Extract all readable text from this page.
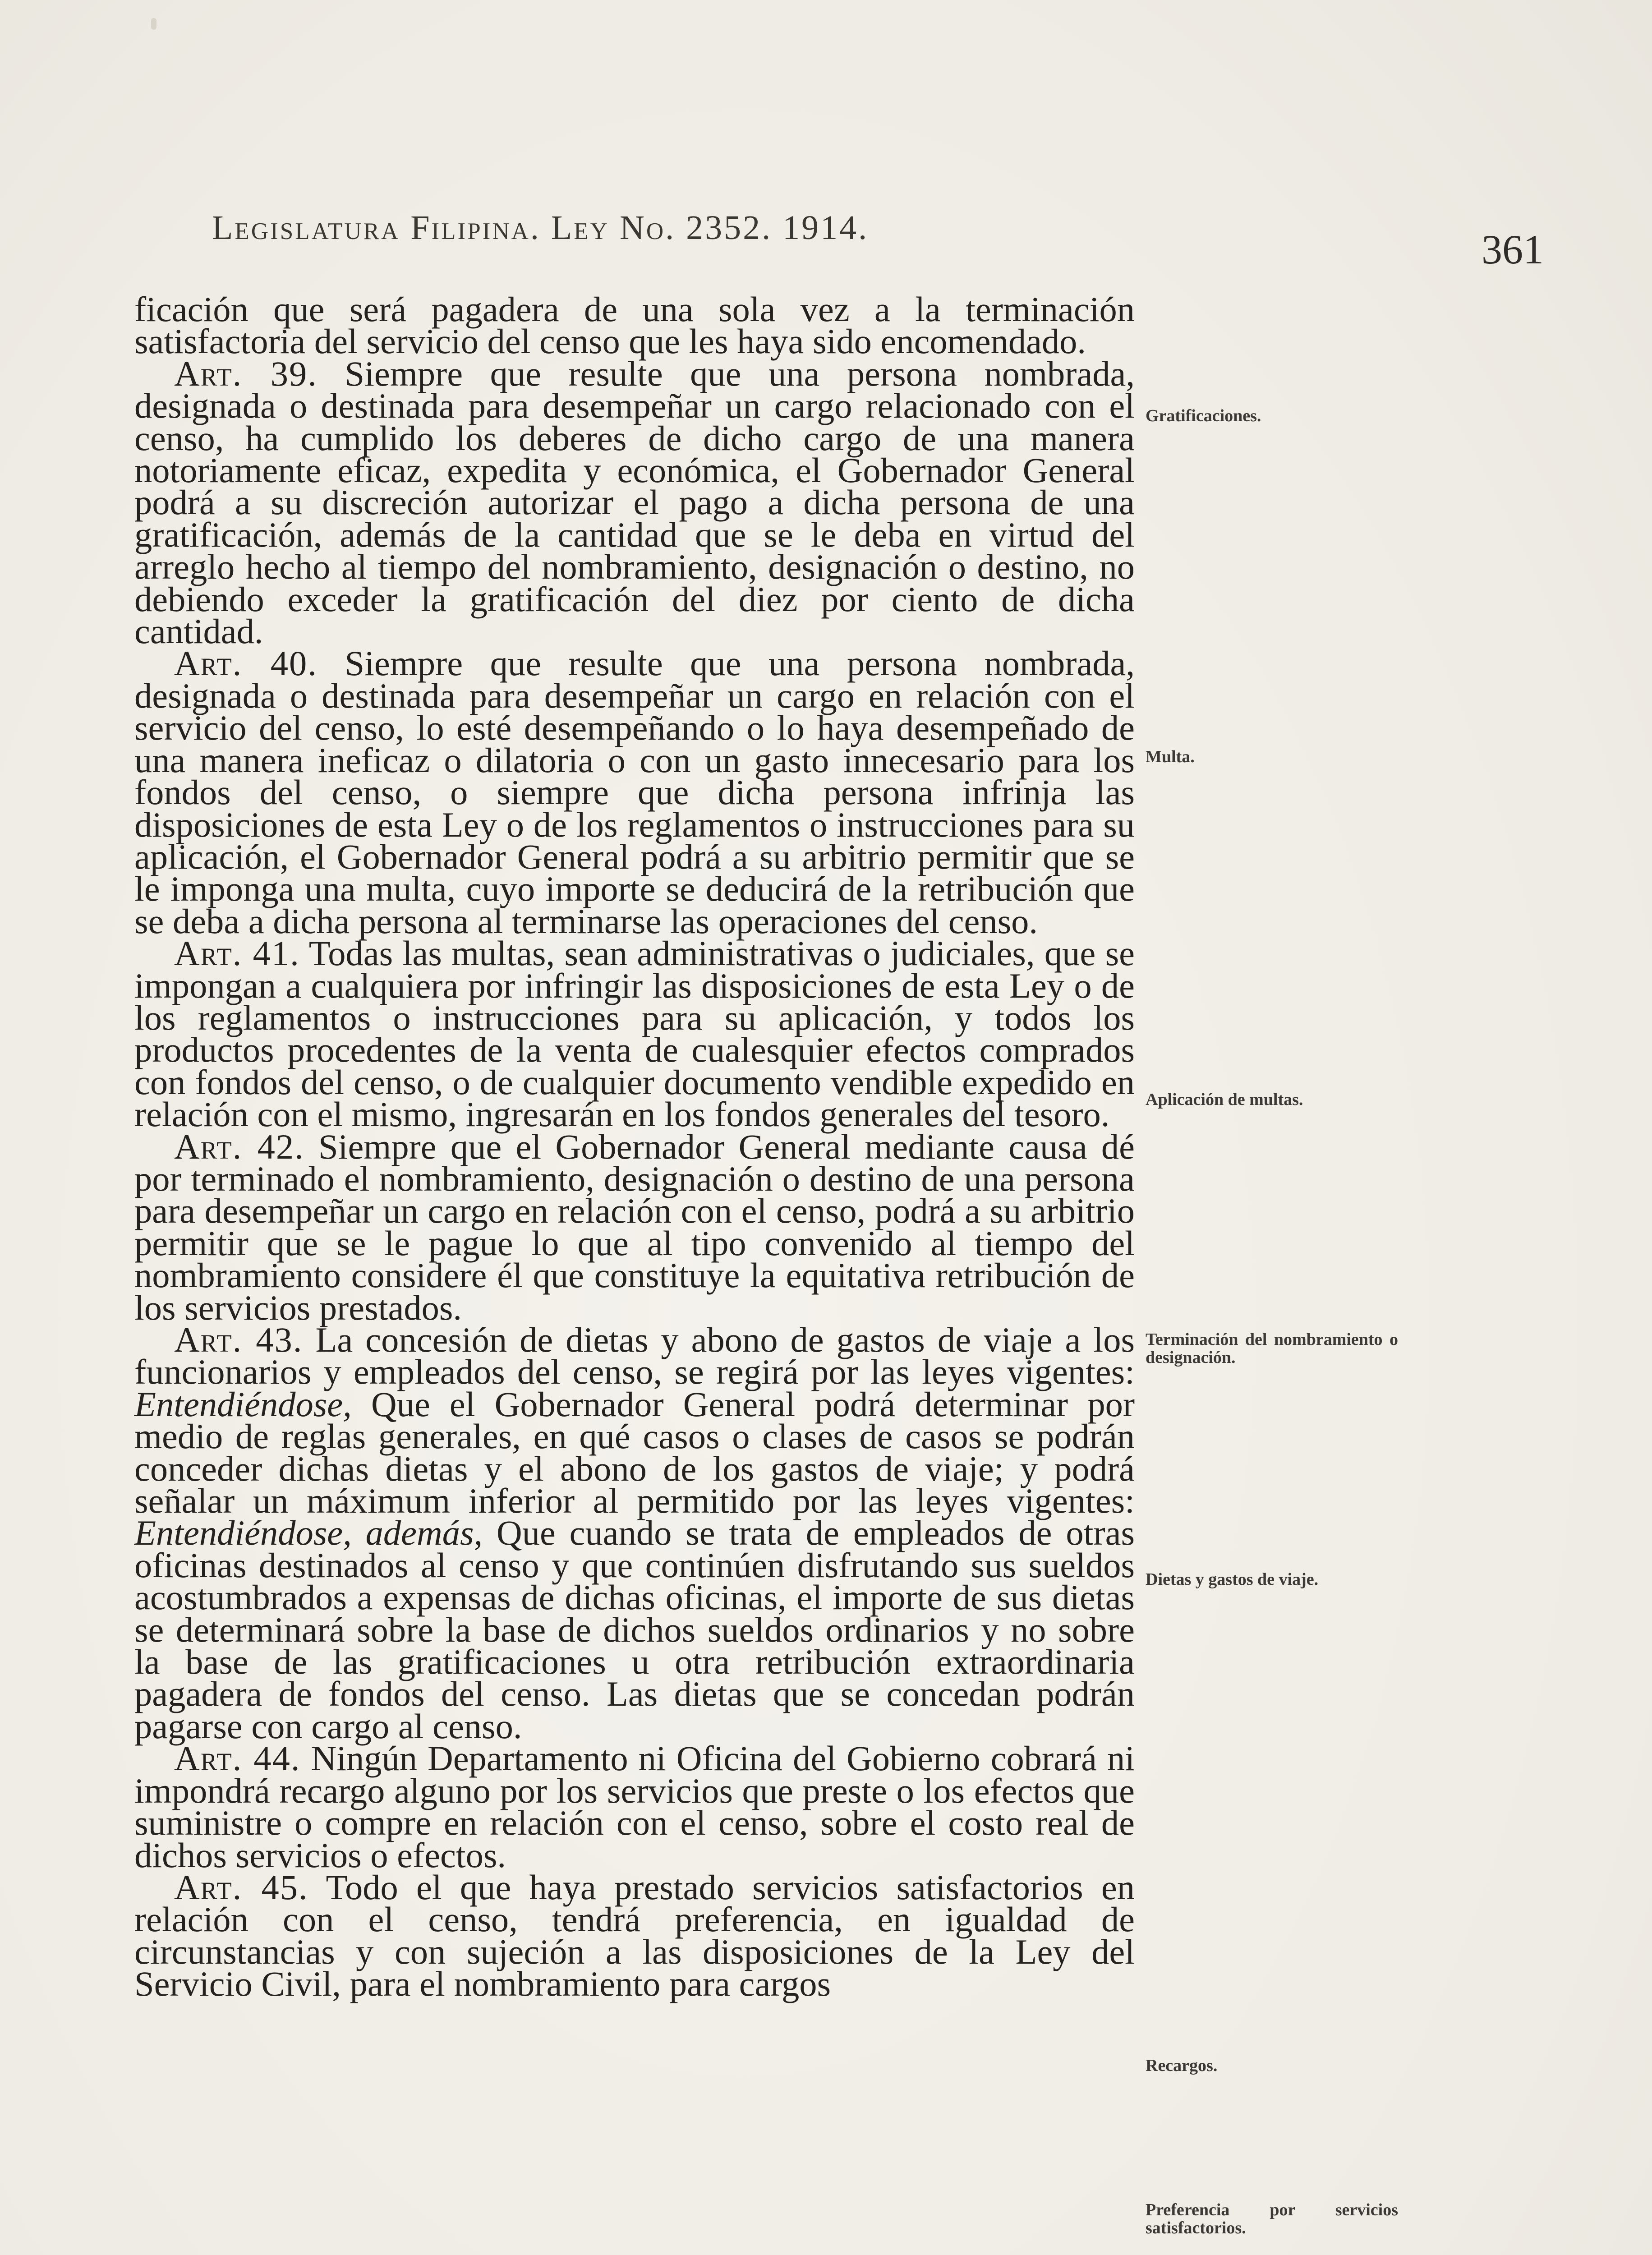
Legislatura Filipina. Ley No. 2352. 1914.	361

ficación que será pagadera de una sola vez a la terminación satisfactoria del servicio del censo que les haya sido encomendado.

Art. 39. Siempre que resulte que una persona nombrada, designada o destinada para desempeñar un cargo relacionado con el censo, ha cumplido los deberes de dicho cargo de una manera notoriamente eficaz, expedita y económica, el Gobernador General podrá a su discreción autorizar el pago a dicha persona de una gratificación, además de la cantidad que se le deba en virtud del arreglo hecho al tiempo del nombramiento, designación o destino, no debiendo exceder la gratificación del diez por ciento de dicha cantidad.

Art. 40. Siempre que resulte que una persona nombrada, designada o destinada para desempeñar un cargo en relación con el servicio del censo, lo esté desempeñando o lo haya desempeñado de una manera ineficaz o dilatoria o con un gasto innecesario para los fondos del censo, o siempre que dicha persona infrinja las disposiciones de esta Ley o de los reglamentos o instrucciones para su aplicación, el Gobernador General podrá a su arbitrio permitir que se le imponga una multa, cuyo importe se deducirá de la retribución que se deba a dicha persona al terminarse las operaciones del censo.

Art. 41. Todas las multas, sean administrativas o judiciales, que se impongan a cualquiera por infringir las disposiciones de esta Ley o de los reglamentos o instrucciones para su aplicación, y todos los productos procedentes de la venta de cualesquier efectos comprados con fondos del censo, o de cualquier documento vendible expedido en relación con el mismo, ingresarán en los fondos generales del tesoro.

Art. 42. Siempre que el Gobernador General mediante causa dé por terminado el nombramiento, designación o destino de una persona para desempeñar un cargo en relación con el censo, podrá a su arbitrio permitir que se le pague lo que al tipo convenido al tiempo del nombramiento considere él que constituye la equitativa retribución de los servicios prestados.

Art. 43. La concesión de dietas y abono de gastos de viaje a los funcionarios y empleados del censo, se regirá por las leyes vigentes: Entendiéndose, Que el Gobernador General podrá determinar por medio de reglas generales, en qué casos o clases de casos se podrán conceder dichas dietas y el abono de los gastos de viaje; y podrá señalar un máximum inferior al permitido por las leyes vigentes: Entendiéndose, además, Que cuando se trata de empleados de otras oficinas destinados al censo y que continúen disfrutando sus sueldos acostumbrados a expensas de dichas oficinas, el importe de sus dietas se determinará sobre la base de dichos sueldos ordinarios y no sobre la base de las gratificaciones u otra retribución extraordinaria pagadera de fondos del censo. Las dietas que se concedan podrán pagarse con cargo al censo.

Art. 44. Ningún Departamento ni Oficina del Gobierno cobrará ni impondrá recargo alguno por los servicios que preste o los efectos que suministre o compre en relación con el censo, sobre el costo real de dichos servicios o efectos.

Art. 45. Todo el que haya prestado servicios satisfactorios en relación con el censo, tendrá preferencia, en igualdad de circunstancias y con sujeción a las disposiciones de la Ley del Servicio Civil, para el nombramiento para cargos

Gratificaciones.
Multa.
Aplicación de multas.
Terminación del nombramiento o designación.
Dietas y gastos de viaje.
Recargos.
Preferencia por servicios satisfactorios.
